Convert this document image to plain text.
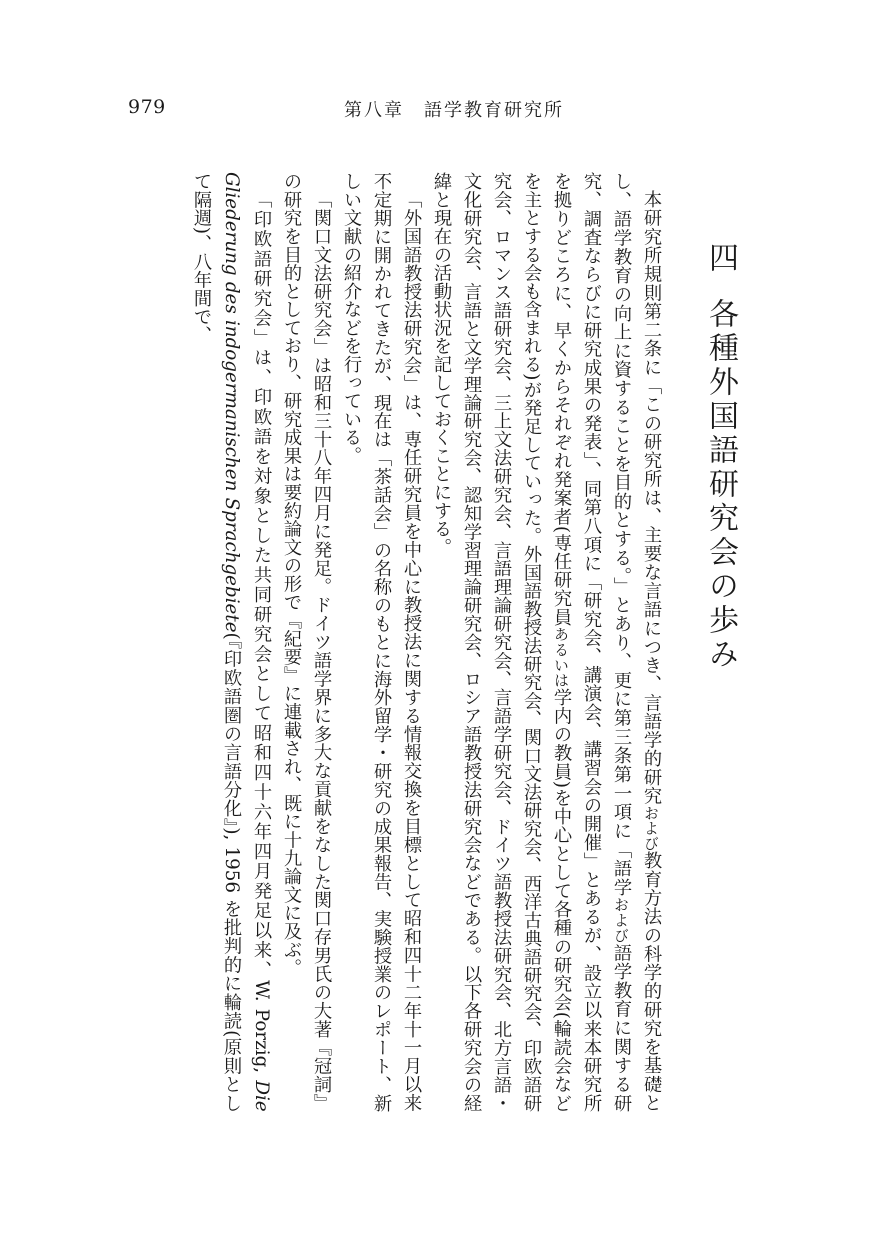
979	第八章　語学教育研究所
四各種外国語研究会の歩み

本研究所規則第二条に「この研究所は、主要な言語につき、言語学的研究および教育方法の科学的研究を基礎とし、語学教育の向上に資することを目的とする。」とあり、更に第三条第一項に「語学および語学教育に関する研究、調査ならびに研究成果の発表」、同第八項に「研究会、講演会、講習会の開催」とあるが、設立以来本研究所を拠りどころに、早くからそれぞれ発案者(専任研究員あるいは学内の教員)を中心として各種の研究会(輪読会などを主とする会も含まれる)が発足していった。外国語教授法研究会、関口文法研究会、西洋古典語研究会、印欧語研究会、ロマンス語研究会、三上文法研究会、言語理論研究会、言語学研究会、ドイツ語教授法研究会、北方言語・文化研究会、言語と文学理論研究会、認知学習理論研究会、ロシア語教授法研究会などである。以下各研究会の経緯と現在の活動状況を記しておくことにする。

「外国語教授法研究会」は、専任研究員を中心に教授法に関する情報交換を目標として昭和四十二年十一月以来不定期に開かれてきたが、現在は「茶話会」の名称のもとに海外留学・研究の成果報告、実験授業のレポート、新しい文献の紹介などを行っている。

「関口文法研究会」は昭和三十八年四月に発足。ドイツ語学界に多大な貢献をなした関口存男氏の大著『冠詞』の研究を目的としており、研究成果は要約論文の形で『紀要』に連載され、既に十九論文に及ぶ。

「印欧語研究会」は、印欧語を対象とした共同研究会として昭和四十六年四月発足以来、W. Porzig, Die Gliederung des indogermanischen Sprachgebiete(『印欧語圏の言語分化』), 1956 を批判的に輪読(原則として隔週)、八年間で、
